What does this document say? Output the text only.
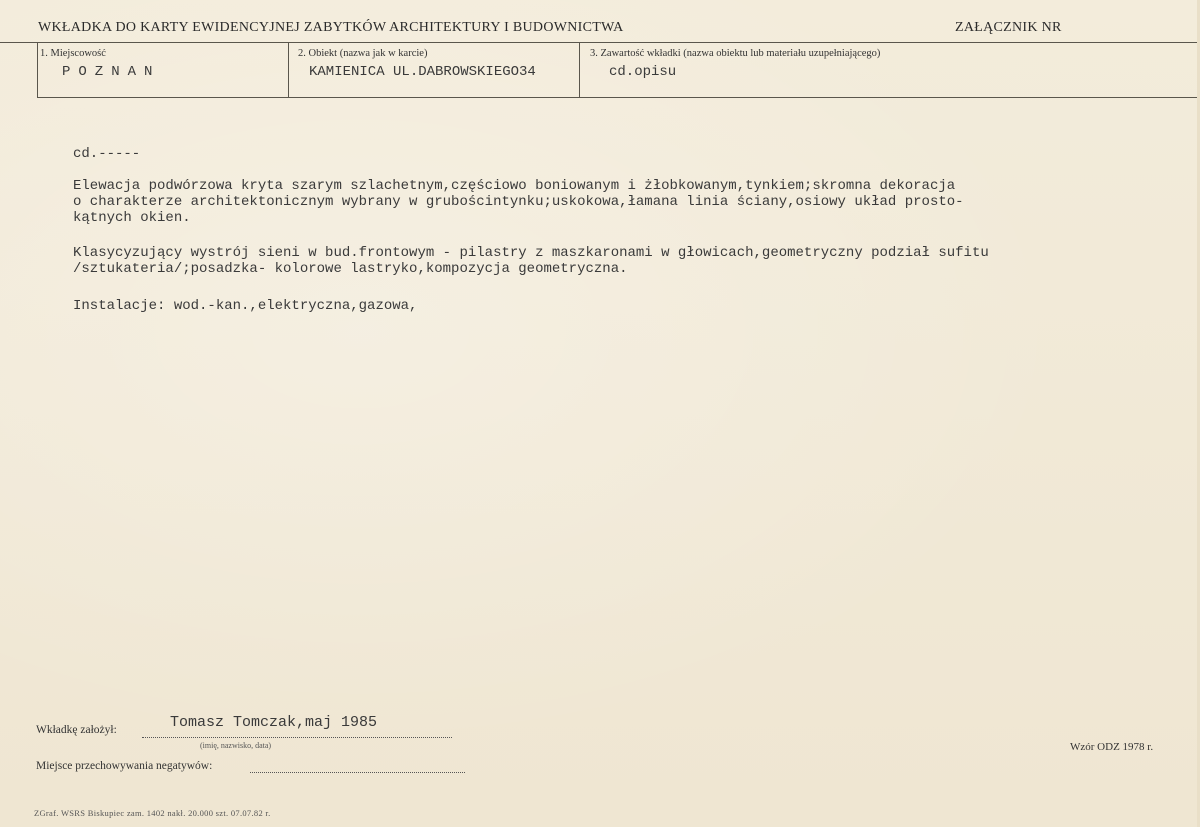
WKŁADKA DO KARTY EWIDENCYJNEJ ZABYTKÓW ARCHITEKTURY I BUDOWNICTWA	ZAŁĄCZNIK NR
1. Miejscowość
POZNAN
2. Obiekt (nazwa jak w karcie)
KAMIENICA UL.DABROWSKIEGO34
3. Zawartość wkładki (nazwa obiektu lub materiału uzupełniającego)
cd.opisu
cd.-----
Elewacja podwórzowa kryta szarym szlachetnym,częściowo boniowanym i żłobkowanym,tynkiem;skromna dekoracja
o charakterze architektonicznym wybrany w grubościntynku;uskokowa,łamana linia ściany,osiowy układ prosto-
kątnych okien.
Klasycyzujący wystrój sieni w bud.frontowym - pilastry z maszkaronami w głowicach,geometryczny podział sufitu
/sztukateria/;posadzka- kolorowe lastryko,kompozycja geometryczna.
Instalacje: wod.-kan.,elektryczna,gazowa,
Wkładkę założył:	Tomasz Tomczak,maj 1985
(imię, nazwisko, data)
Miejsce przechowywania negatywów:
Wzór ODZ 1978 r.
ZGraf. WSRS Biskupiec zam. 1402 nakł. 20.000 szt. 07.07.82 r.
